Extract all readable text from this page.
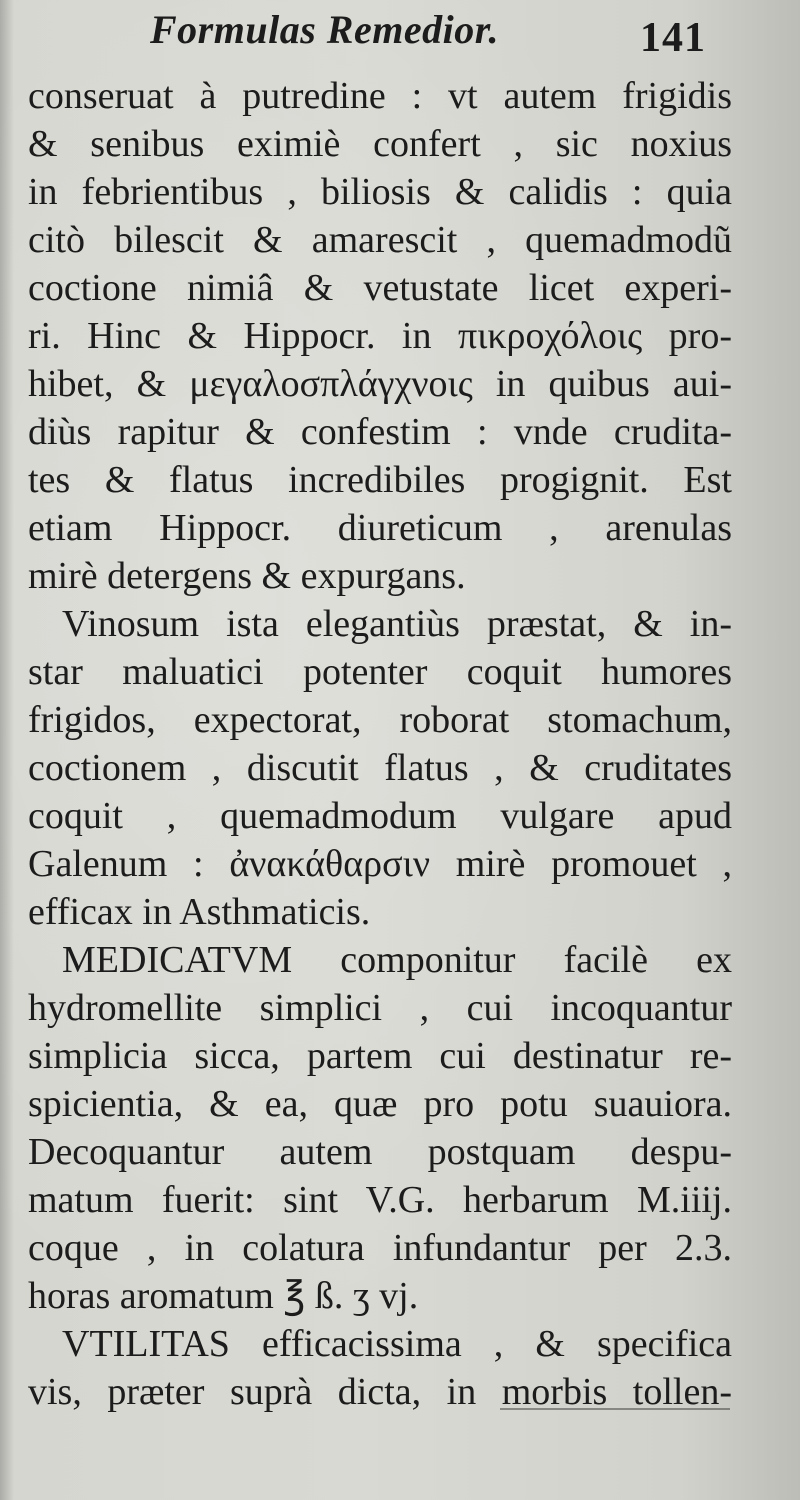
Formulas Remedior.	141
conseruat à putredine : vt autem frigidis
& senibus eximiè confert , sic noxius
in febrientibus , biliosis & calidis : quia
citò bilescit & amarescit , quemadmodũ
coctione nimiâ & vetustate licet experi-
ri. Hinc & Hippocr. in πικροχόλοις pro-
hibet, & μεγαλοσπλάγχνοις in quibus aui-
diùs rapitur & confestim : vnde crudita-
tes & flatus incredibiles progignit. Est
etiam Hippocr. diureticum , arenulas
mirè detergens & expurgans.
Vinosum ista elegantiùs præstat, & in-
star maluatici potenter coquit humores
frigidos, expectorat, roborat stomachum,
coctionem , discutit flatus , & cruditates
coquit , quemadmodum vulgare apud
Galenum : ἀνακάθαρσιν mirè promouet ,
efficax in Asthmaticis.
MEDICATVM componitur facilè ex
hydromellite simplici , cui incoquantur
simplicia sicca, partem cui destinatur re-
spicientia, & ea, quæ pro potu suauiora.
Decoquantur autem postquam despu-
matum fuerit: sint V.G. herbarum M.iiij.
coque , in colatura infundantur per 2.3.
horas aromatum ℥ ß. ʒ vj.
VTILITAS efficacissima , & specifica
vis, præter suprà dicta, in morbis tollen-
